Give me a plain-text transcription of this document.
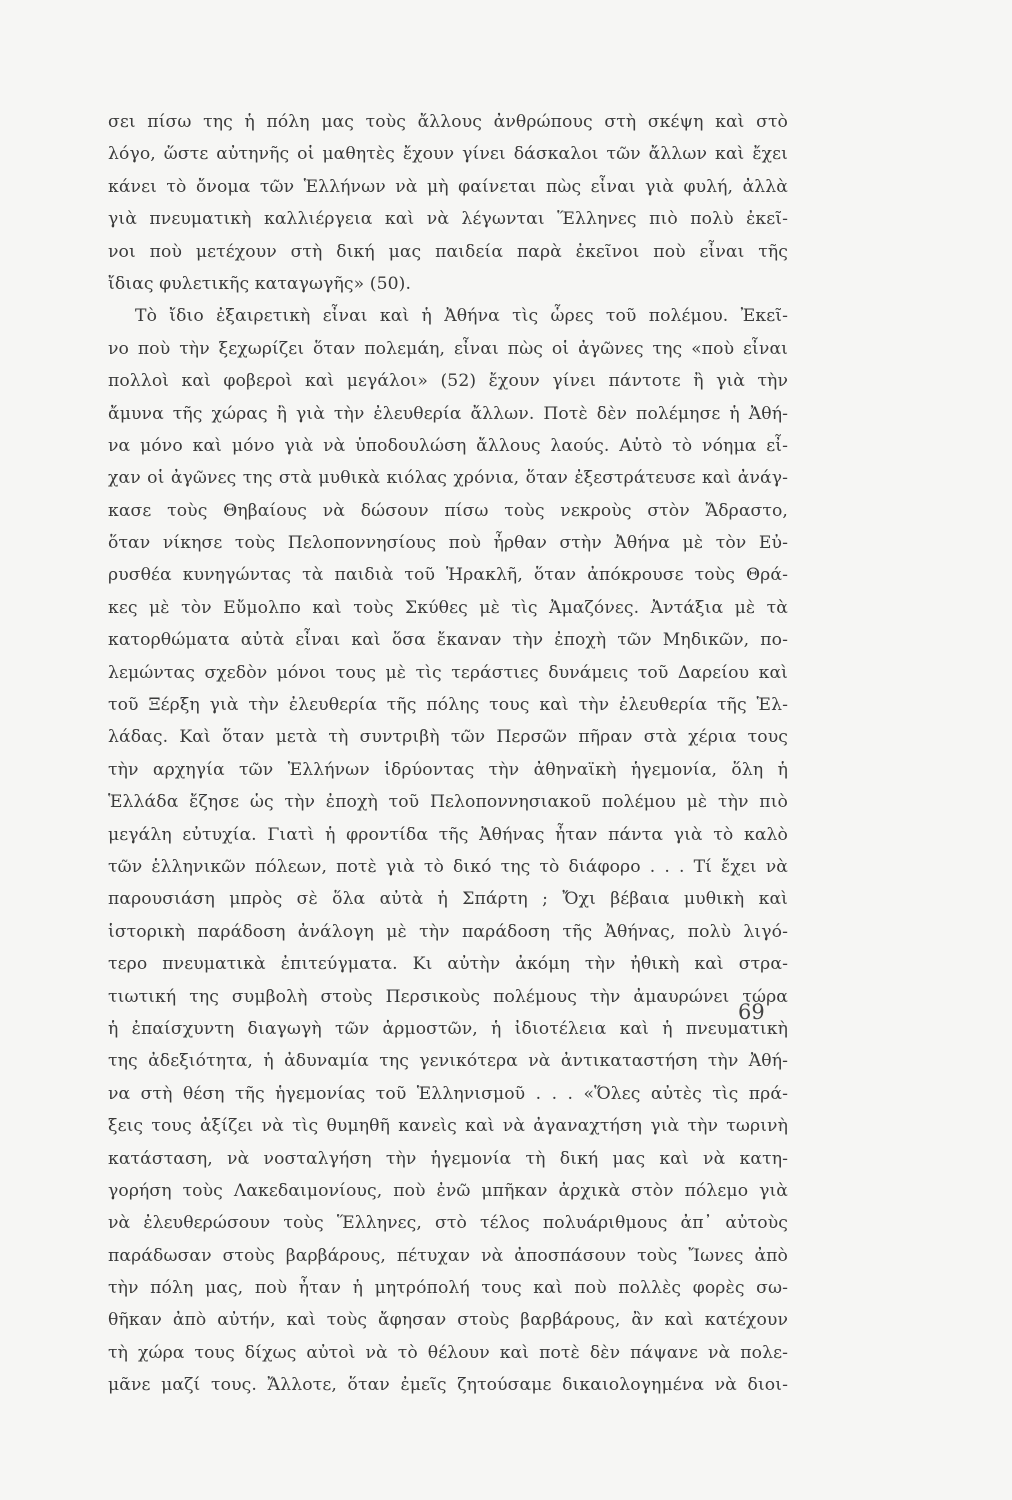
σει πίσω της ἡ πόλη μας τοὺς ἄλλους ἀνθρώπους στὴ σκέψη καὶ στὸ
λόγο, ὥστε αὐτηνῆς οἱ μαθητὲς ἔχουν γίνει δάσκαλοι τῶν ἄλλων καὶ ἔχει
κάνει τὸ ὄνομα τῶν Ἑλλήνων νὰ μὴ φαίνεται πὼς εἶναι γιὰ φυλή, ἀλλὰ
γιὰ πνευματικὴ καλλιέργεια καὶ νὰ λέγωνται Ἕλληνες πιὸ πολὺ ἐκεῖ-
νοι ποὺ μετέχουν στὴ δική μας παιδεία παρὰ ἐκεῖνοι ποὺ εἶναι τῆς
ἴδιας φυλετικῆς καταγωγῆς» (50).
Τὸ ἴδιο ἐξαιρετικὴ εἶναι καὶ ἡ Ἀθήνα τὶς ὧρες τοῦ πολέμου. Ἐκεῖ-
νο ποὺ τὴν ξεχωρίζει ὅταν πολεμάη, εἶναι πὼς οἱ ἀγῶνες της «ποὺ εἶναι
πολλοὶ καὶ φοβεροὶ καὶ μεγάλοι» (52) ἔχουν γίνει πάντοτε ἢ γιὰ τὴν
ἄμυνα τῆς χώρας ἢ γιὰ τὴν ἐλευθερία ἄλλων. Ποτὲ δὲν πολέμησε ἡ Ἀθή-
να μόνο καὶ μόνο γιὰ νὰ ὑποδουλώση ἄλλους λαούς. Αὐτὸ τὸ νόημα εἶ-
χαν οἱ ἀγῶνες της στὰ μυθικὰ κιόλας χρόνια, ὅταν ἐξεστράτευσε καὶ ἀνάγ-
κασε τοὺς Θηβαίους νὰ δώσουν πίσω τοὺς νεκροὺς στὸν Ἄδραστο,
ὅταν νίκησε τοὺς Πελοποννησίους ποὺ ἦρθαν στὴν Ἀθήνα μὲ τὸν Εὐ-
ρυσθέα κυνηγώντας τὰ παιδιὰ τοῦ Ἡρακλῆ, ὅταν ἀπόκρουσε τοὺς Θρά-
κες μὲ τὸν Εὔμολπο καὶ τοὺς Σκύθες μὲ τὶς Ἀμαζόνες. Ἀντάξια μὲ τὰ
κατορθώματα αὐτὰ εἶναι καὶ ὅσα ἔκαναν τὴν ἐποχὴ τῶν Μηδικῶν, πο-
λεμώντας σχεδὸν μόνοι τους μὲ τὶς τεράστιες δυνάμεις τοῦ Δαρείου καὶ
τοῦ Ξέρξη γιὰ τὴν ἐλευθερία τῆς πόλης τους καὶ τὴν ἐλευθερία τῆς Ἑλ-
λάδας. Καὶ ὅταν μετὰ τὴ συντριβὴ τῶν Περσῶν πῆραν στὰ χέρια τους
τὴν αρχηγία τῶν Ἑλλήνων ἱδρύοντας τὴν ἀθηναϊκὴ ἡγεμονία, ὅλη ἡ
Ἑλλάδα ἔζησε ὡς τὴν ἐποχὴ τοῦ Πελοποννησιακοῦ πολέμου μὲ τὴν πιὸ
μεγάλη εὐτυχία. Γιατὶ ἡ φροντίδα τῆς Ἀθήνας ἦταν πάντα γιὰ τὸ καλὸ
τῶν ἑλληνικῶν πόλεων, ποτὲ γιὰ τὸ δικό της τὸ διάφορο . . . Τί ἔχει νὰ
παρουσιάση μπρὸς σὲ ὅλα αὐτὰ ἡ Σπάρτη ; Ὄχι βέβαια μυθικὴ καὶ
ἱστορικὴ παράδοση ἀνάλογη μὲ τὴν παράδοση τῆς Ἀθήνας, πολὺ λιγό-
τερο πνευματικὰ ἐπιτεύγματα. Κι αὐτὴν ἀκόμη τὴν ἠθικὴ καὶ στρα-
τιωτική της συμβολὴ στοὺς Περσικοὺς πολέμους τὴν ἀμαυρώνει τώρα
ἡ ἐπαίσχυντη διαγωγὴ τῶν ἁρμοστῶν, ἡ ἰδιοτέλεια καὶ ἡ πνευματικὴ
της ἀδεξιότητα, ἡ ἀδυναμία της γενικότερα νὰ ἀντικαταστήση τὴν Ἀθή-
να στὴ θέση τῆς ἡγεμονίας τοῦ Ἑλληνισμοῦ . . . «Ὅλες αὐτὲς τὶς πρά-
ξεις τους ἀξίζει νὰ τὶς θυμηθῆ κανεὶς καὶ νὰ ἀγαναχτήση γιὰ τὴν τωρινὴ
κατάσταση, νὰ νοσταλγήση τὴν ἡγεμονία τὴ δική μας καὶ νὰ κατη-
γορήση τοὺς Λακεδαιμονίους, ποὺ ἐνῶ μπῆκαν ἀρχικὰ στὸν πόλεμο γιὰ
νὰ ἐλευθερώσουν τοὺς Ἕλληνες, στὸ τέλος πολυάριθμους ἀπ᾽ αὐτοὺς
παράδωσαν στοὺς βαρβάρους, πέτυχαν νὰ ἀποσπάσουν τοὺς Ἴωνες ἀπὸ
τὴν πόλη μας, ποὺ ἦταν ἡ μητρόπολή τους καὶ ποὺ πολλὲς φορὲς σω-
θῆκαν ἀπὸ αὐτήν, καὶ τοὺς ἄφησαν στοὺς βαρβάρους, ἂν καὶ κατέχουν
τὴ χώρα τους δίχως αὐτοὶ νὰ τὸ θέλουν καὶ ποτὲ δὲν πάψανε νὰ πολε-
μᾶνε μαζί τους. Ἄλλοτε, ὅταν ἐμεῖς ζητούσαμε δικαιολογημένα νὰ διοι-
69
